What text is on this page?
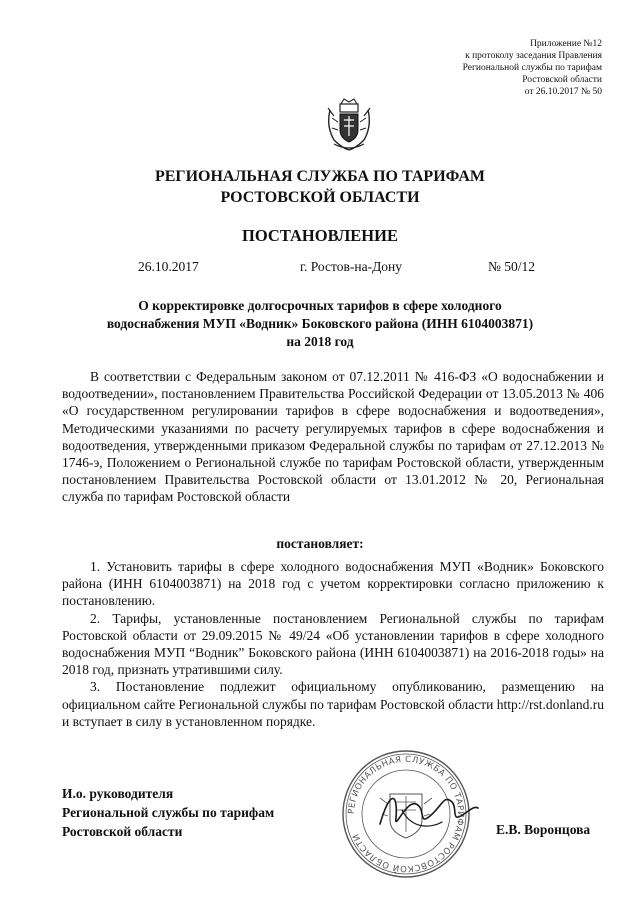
Приложение №12
к протоколу заседания Правления
Региональной службы по тарифам
Ростовской области
от 26.10.2017 № 50
РЕГИОНАЛЬНАЯ СЛУЖБА ПО ТАРИФАМ
РОСТОВСКОЙ ОБЛАСТИ
ПОСТАНОВЛЕНИЕ
26.10.2017	г. Ростов-на-Дону	№ 50/12
О корректировке долгосрочных тарифов в сфере холодного
водоснабжения МУП «Водник» Боковского района (ИНН 6104003871)
на 2018 год

В соответствии с Федеральным законом от 07.12.2011 № 416-ФЗ «О водоснабжении и водоотведении», постановлением Правительства Российской Федерации от 13.05.2013 № 406 «О государственном регулировании тарифов в сфере водоснабжения и водоотведения», Методическими указаниями по расчету регулируемых тарифов в сфере водоснабжения и водоотведения, утвержденными приказом Федеральной службы по тарифам от 27.12.2013 № 1746-э, Положением о Региональной службе по тарифам Ростовской области, утвержденным постановлением Правительства Ростовской области от 13.01.2012 № 20, Региональная служба по тарифам Ростовской области

постановляет:

1. Установить тарифы в сфере холодного водоснабжения МУП «Водник» Боковского района (ИНН 6104003871) на 2018 год с учетом корректировки согласно приложению к постановлению.

2. Тарифы, установленные постановлением Региональной службы по тарифам Ростовской области от 29.09.2015 № 49/24 «Об установлении тарифов в сфере холодного водоснабжения МУП “Водник” Боковского района (ИНН 6104003871) на 2016-2018 годы» на 2018 год, признать утратившими силу.

3. Постановление подлежит официальному опубликованию, размещению на официальном сайте Региональной службы по тарифам Ростовской области http://rst.donland.ru и вступает в силу в установленном порядке.

И.о. руководителя
Региональной службы по тарифам
Ростовской области
РЕГИОНАЛЬНАЯ СЛУЖБА ПО ТАРИФАМ РОСТОВСКОЙ ОБЛАСТИ	Е.В. Воронцова
